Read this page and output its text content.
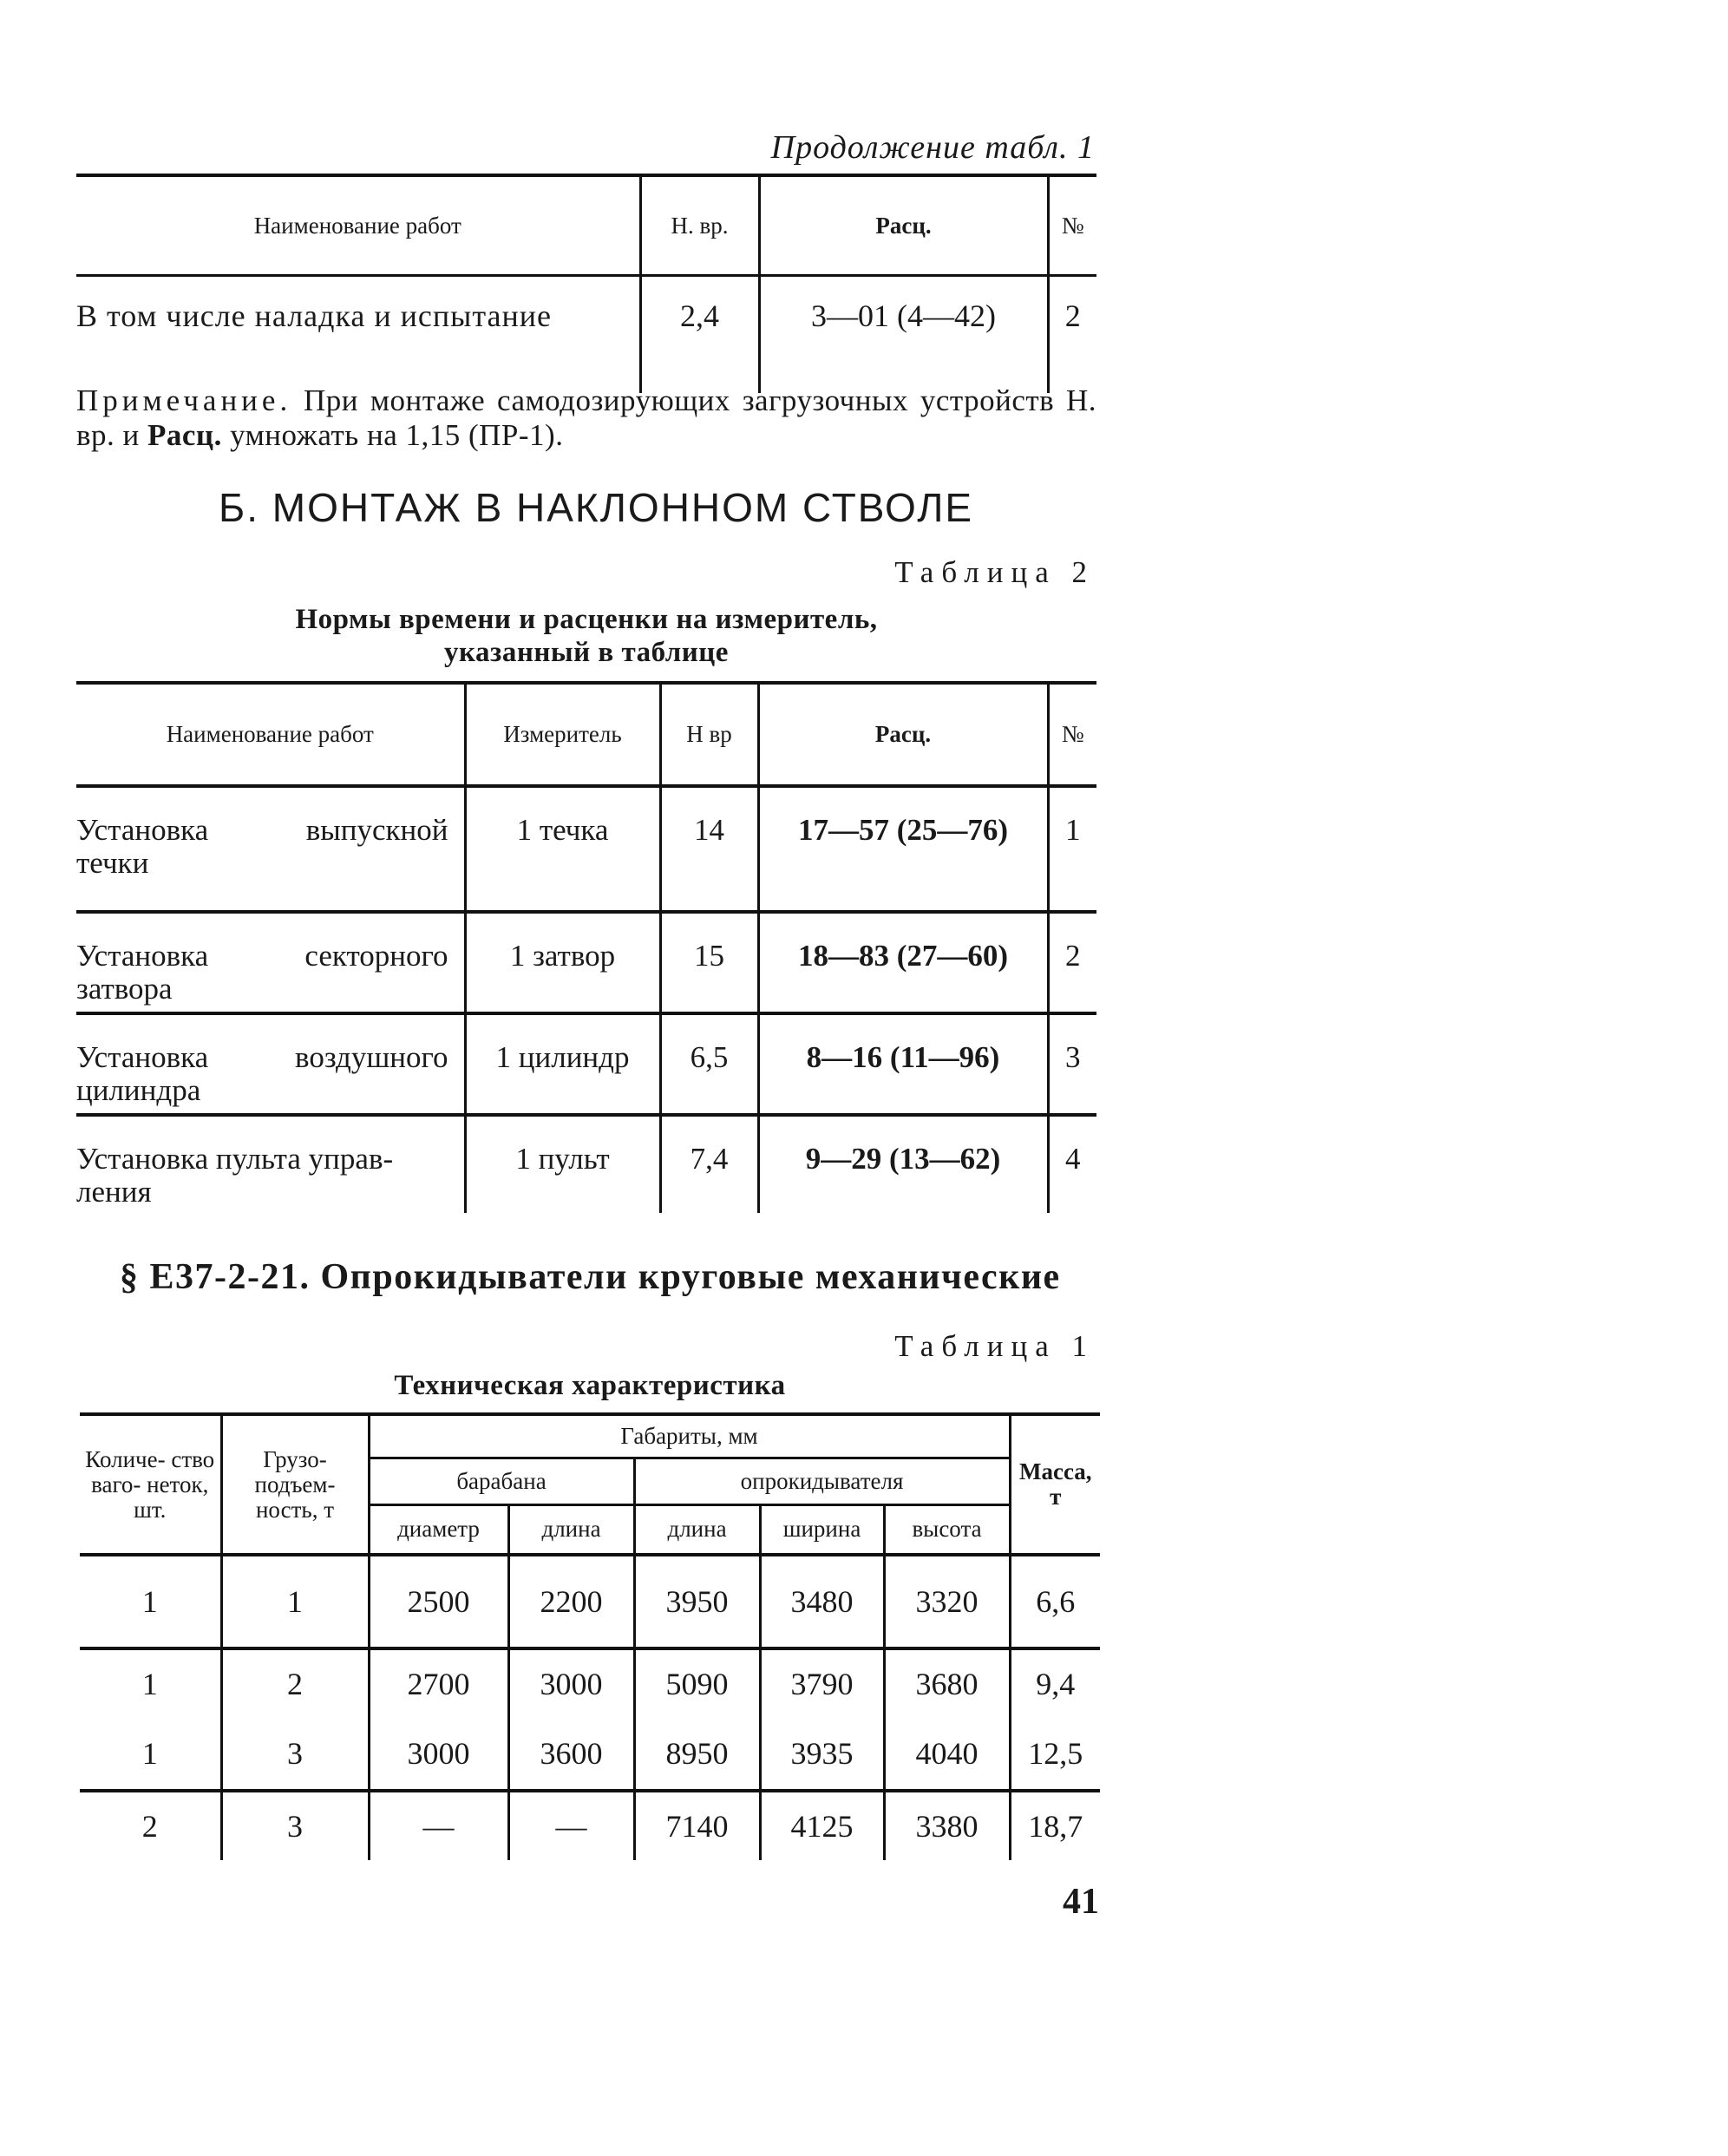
Продолжение табл. 1
Наименование работ	Н. вр.	Расц.	№
В том числе наладка и испытание	2,4	3—01 (4—42)	2
Примечание. При монтаже самодозирующих загрузочных устройств Н. вр. и Расц. умножать на 1,15 (ПР-1).
Б. МОНТАЖ В НАКЛОННОМ СТВОЛЕ
Таблица 2
Нормы времени и расценки на измеритель,
указанный в таблице
Наименование работ	Измеритель	Н вр	Расц.	№

Установка выпускной
течки	1 течка	14	17—57 (25—76)	1

Установка секторного
затвора	1 затвор	15	18—83 (27—60)	2

Установка воздушного
цилиндра	1 цилиндр	6,5	8—16 (11—96)	3

Установка пульта управ-
ления	1 пульт	7,4	9—29 (13—62)	4
§ Е37-2-21. Опрокидыватели круговые механические
Таблица 1
Техническая характеристика
Количе- ство ваго- неток, шт.	Грузо- подъем- ность, т	Габариты, мм					Масса, т
		барабана		опрокидывателя			
		диаметр	длина	длина	ширина	высота	
1	1	2500	2200	3950	3480	3320	6,6
1	2	2700	3000	5090	3790	3680	9,4
1	3	3000	3600	8950	3935	4040	12,5
2	3	—	—	7140	4125	3380	18,7
41
